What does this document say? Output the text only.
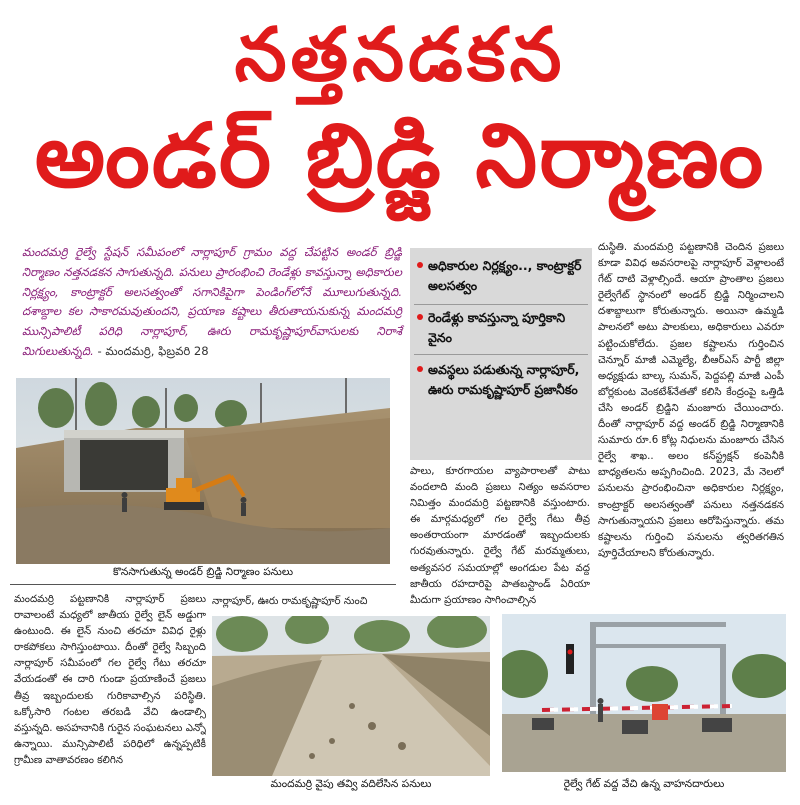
నత్తనడకన
అండర్ బ్రిడ్జి నిర్మాణం
మందమర్రి రైల్వే స్టేషన్ సమీపంలో నార్లాపూర్ గ్రామం వద్ద చేపట్టిన అండర్ బ్రిడ్జి నిర్మాణం నత్తనడకన సాగుతున్నది. పనులు ప్రారంభించి రెండేళ్లు కావస్తున్నా అధికారుల నిర్లక్ష్యం, కాంట్రాక్టర్ అలసత్వంతో సగానికిపైగా పెండింగ్‌లోనే మూలుగుతున్నది. దశాబ్దాల కల సాకారమవుతుందని, ప్రయాణ కష్టాలు తీరుతాయనుకున్న మందమర్రి మున్సిపాలిటీ పరిధి నార్లాపూర్, ఊరు రామకృష్ణాపూర్‌వాసులకు నిరాశే మిగులుతున్నది. - మందమర్రి, ఫిబ్రవరి 28
అధికారుల నిర్లక్ష్యం.., కాంట్రాక్టర్ అలసత్వం
రెండేళ్లు కావస్తున్నా పూర్తికాని వైనం
అవస్థలు పడుతున్న నార్లాపూర్, ఊరు రామకృష్ణాపూర్ ప్రజానీకం
దుస్థితి. మందమర్రి పట్టణానికి చెందిన ప్రజలు కూడా వివిధ అవసరాలపై నార్లాపూర్ వెళ్లాలంటే గేట్ దాటి వెళ్లాల్సిందే. ఆయా ప్రాంతాల ప్రజలు రైల్వేగేట్ స్థానంలో అండర్ బ్రిడ్జి నిర్మించాలని దశాబ్దాలుగా కోరుతున్నారు. అయినా ఉమ్మడి పాలనలో అటు పాలకులు, అధికారులు ఎవరూ పట్టించుకోలేదు. ప్రజల కష్టాలను గుర్తించిన చెన్నూర్ మాజీ ఎమ్మెల్యే, బీఆర్‌ఎస్ పార్టీ జిల్లా అధ్యక్షుడు బాల్క సుమన్, పెద్దపల్లి మాజీ ఎంపీ బోర్లకుంట వెంకటేశ్‌నేతతో కలిసి కేంద్రంపై ఒత్తిడి చేసి అండర్ బ్రిడ్జిని మంజూరు చేయించారు. దీంతో నార్లాపూర్ వద్ద అండర్ బ్రిడ్జి నిర్మాణానికి సుమారు రూ.6 కోట్ల నిధులను మంజూరు చేసిన రైల్వే శాఖ.. అలం కన్‌స్ట్రక్షన్ కంపెనీకి బాధ్యతలను అప్పగించింది. 2023, మే నెలలో పనులను ప్రారంభించినా అధికారుల నిర్లక్ష్యం, కాంట్రాక్టర్ అలసత్వంతో పనులు నత్తనడకన సాగుతున్నాయని ప్రజలు ఆరోపిస్తున్నారు. తమ కష్టాలను గుర్తించి పనులను త్వరితగతిన పూర్తిచేయాలని కోరుతున్నారు.
పాలు, కూరగాయల వ్యాపారాలతో పాటు వందలాది మంది ప్రజలు నిత్యం అవసరాల నిమిత్తం మందమర్రి పట్టణానికి వస్తుంటారు. ఈ మార్గమధ్యలో గల రైల్వే గేటు తీవ్ర అంతరాయంగా మారడంతో ఇబ్బందులకు గురవుతున్నారు. రైల్వే గేట్ మరమ్మతులు, అత్యవసర సమయాల్లో అంగడుల పేట వద్ద జాతీయ రహదారిపై పాతబస్టాండ్ ఏరియా మీదుగా ప్రయాణం సాగించాల్సిన
కొనసాగుతున్న అండర్ బ్రిడ్జి నిర్మాణం పనులు
మందమర్రి పట్టణానికి నార్లాపూర్ ప్రజలు రావాలంటే మధ్యలో జాతీయ రైల్వే లైన్ అడ్డుగా ఉంటుంది. ఈ లైన్ నుంచి తరచూ వివిధ రైళ్లు రాకపోకలు సాగిస్తుంటాయి. దీంతో రైల్వే సిబ్బంది నార్లాపూర్ సమీపంలో గల రైల్వే గేటు తరచూ వేయడంతో ఈ దారి గుండా ప్రయాణించే ప్రజలు తీవ్ర ఇబ్బందులకు గురికావాల్సిన పరిస్థితి. ఒక్కోసారి గంటల తరబడి వేచి ఉండాల్సి వస్తున్నది. అసహనానికి గురైన సంఘటనలు ఎన్నో ఉన్నాయి. మున్సిపాలిటీ పరిధిలో ఉన్నప్పటికీ గ్రామీణ వాతావరణం కలిగిన
నార్లాపూర్, ఊరు రామకృష్ణాపూర్ నుంచి
మందమర్రి వైపు తవ్వి వదిలేసిన పనులు	రైల్వే గేట్ వద్ద వేచి ఉన్న వాహనదారులు
